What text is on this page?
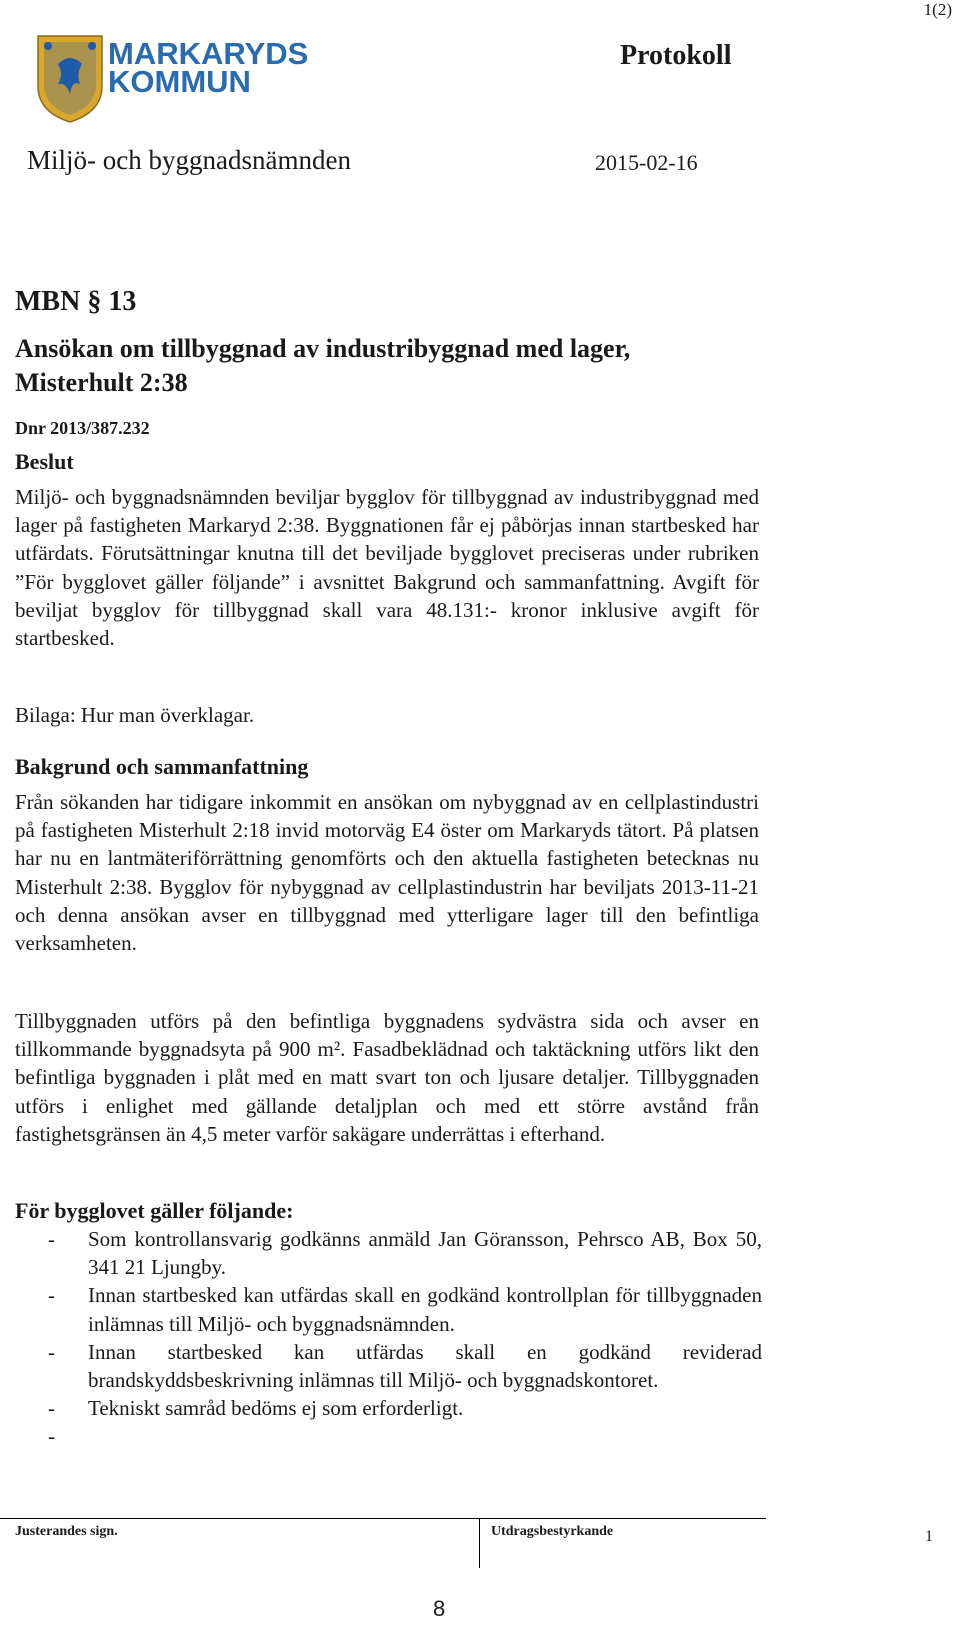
1(2)
MARKARYDS
KOMMUN
Protokoll
Miljö- och byggnadsnämnden	2015-02-16
MBN § 13
Ansökan om tillbyggnad av industribyggnad med lager,
Misterhult 2:38
Dnr 2013/387.232
Beslut
Miljö- och byggnadsnämnden beviljar bygglov för tillbyggnad av industribyggnad med lager på fastigheten Markaryd 2:38. Byggnationen får ej påbörjas innan startbesked har utfärdats. Förutsättningar knutna till det beviljade bygglovet preciseras under rubriken ”För bygglovet gäller följande” i avsnittet Bakgrund och sammanfattning. Avgift för beviljat bygglov för tillbyggnad skall vara 48.131:- kronor inklusive avgift för startbesked.
Bilaga: Hur man överklagar.
Bakgrund och sammanfattning
Från sökanden har tidigare inkommit en ansökan om nybyggnad av en cellplastindustri på fastigheten Misterhult 2:18 invid motorväg E4 öster om Markaryds tätort. På platsen har nu en lantmäteriförrättning genomförts och den aktuella fastigheten betecknas nu Misterhult 2:38. Bygglov för nybyggnad av cellplastindustrin har beviljats 2013-11-21 och denna ansökan avser en tillbyggnad med ytterligare lager till den befintliga verksamheten.
Tillbyggnaden utförs på den befintliga byggnadens sydvästra sida och avser en tillkommande byggnadsyta på 900 m². Fasadbeklädnad och taktäckning utförs likt den befintliga byggnaden i plåt med en matt svart ton och ljusare detaljer. Tillbyggnaden utförs i enlighet med gällande detaljplan och med ett större avstånd från fastighetsgränsen än 4,5 meter varför sakägare underrättas i efterhand.
För bygglovet gäller följande:
- Som kontrollansvarig godkänns anmäld Jan Göransson, Pehrsco AB, Box 50, 341 21 Ljungby.
- Innan startbesked kan utfärdas skall en godkänd kontrollplan för tillbyggnaden inlämnas till Miljö- och byggnadsnämnden.
- Innan startbesked kan utfärdas skall en godkänd reviderad brandskyddsbeskrivning inlämnas till Miljö- och byggnadskontoret.
- Tekniskt samråd bedöms ej som erforderligt.
-

Justerandes sign.	Utdragsbestyrkande	1
8
